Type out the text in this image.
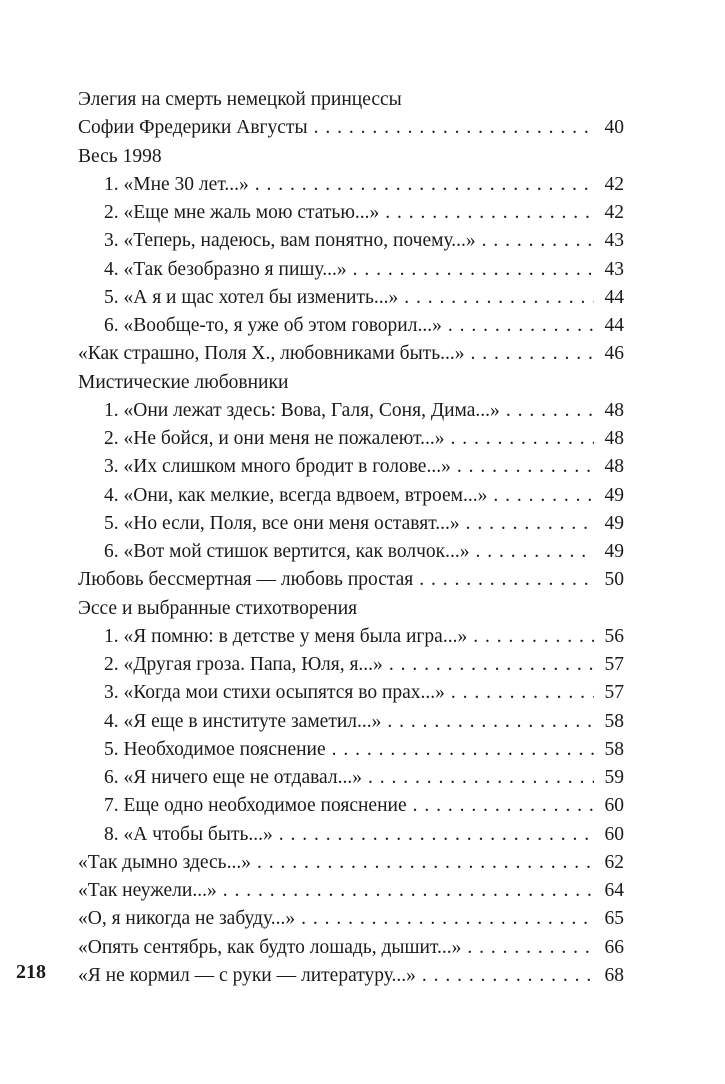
Элегия на смерть немецкой принцессы
Софии Фредерики Августы . . .	40
Весь 1998
1. «Мне 30 лет...» . . .	42
2. «Еще мне жаль мою статью...» . . .	42
3. «Теперь, надеюсь, вам понятно, почему...» . . .	43
4. «Так безобразно я пишу...» . . .	43
5. «А я и щас хотел бы изменить...» . . .	44
6. «Вообще-то, я уже об этом говорил...» . . .	44
«Как страшно, Поля Х., любовниками быть...» . . .	46
Мистические любовники
1. «Они лежат здесь: Вова, Галя, Соня, Дима...» . . .	48
2. «Не бойся, и они меня не пожалеют...» . . .	48
3. «Их слишком много бродит в голове...» . . .	48
4. «Они, как мелкие, всегда вдвоем, втроем...» . . .	49
5. «Но если, Поля, все они меня оставят...» . . .	49
6. «Вот мой стишок вертится, как волчок...» . . .	49
Любовь бессмертная — любовь простая . . .	50
Эссе и выбранные стихотворения
1. «Я помню: в детстве у меня была игра...» . . .	56
2. «Другая гроза. Папа, Юля, я...» . . .	57
3. «Когда мои стихи осыпятся во прах...» . . .	57
4. «Я еще в институте заметил...» . . .	58
5. Необходимое пояснение . . .	58
6. «Я ничего еще не отдавал...» . . .	59
7. Еще одно необходимое пояснение . . .	60
8. «А чтобы быть...» . . .	60
«Так дымно здесь...» . . .	62
«Так неужели...» . . .	64
«О, я никогда не забуду...» . . .	65
«Опять сентябрь, как будто лошадь, дышит...» . . .	66
«Я не кормил — с руки — литературу...» . . .	68
218
